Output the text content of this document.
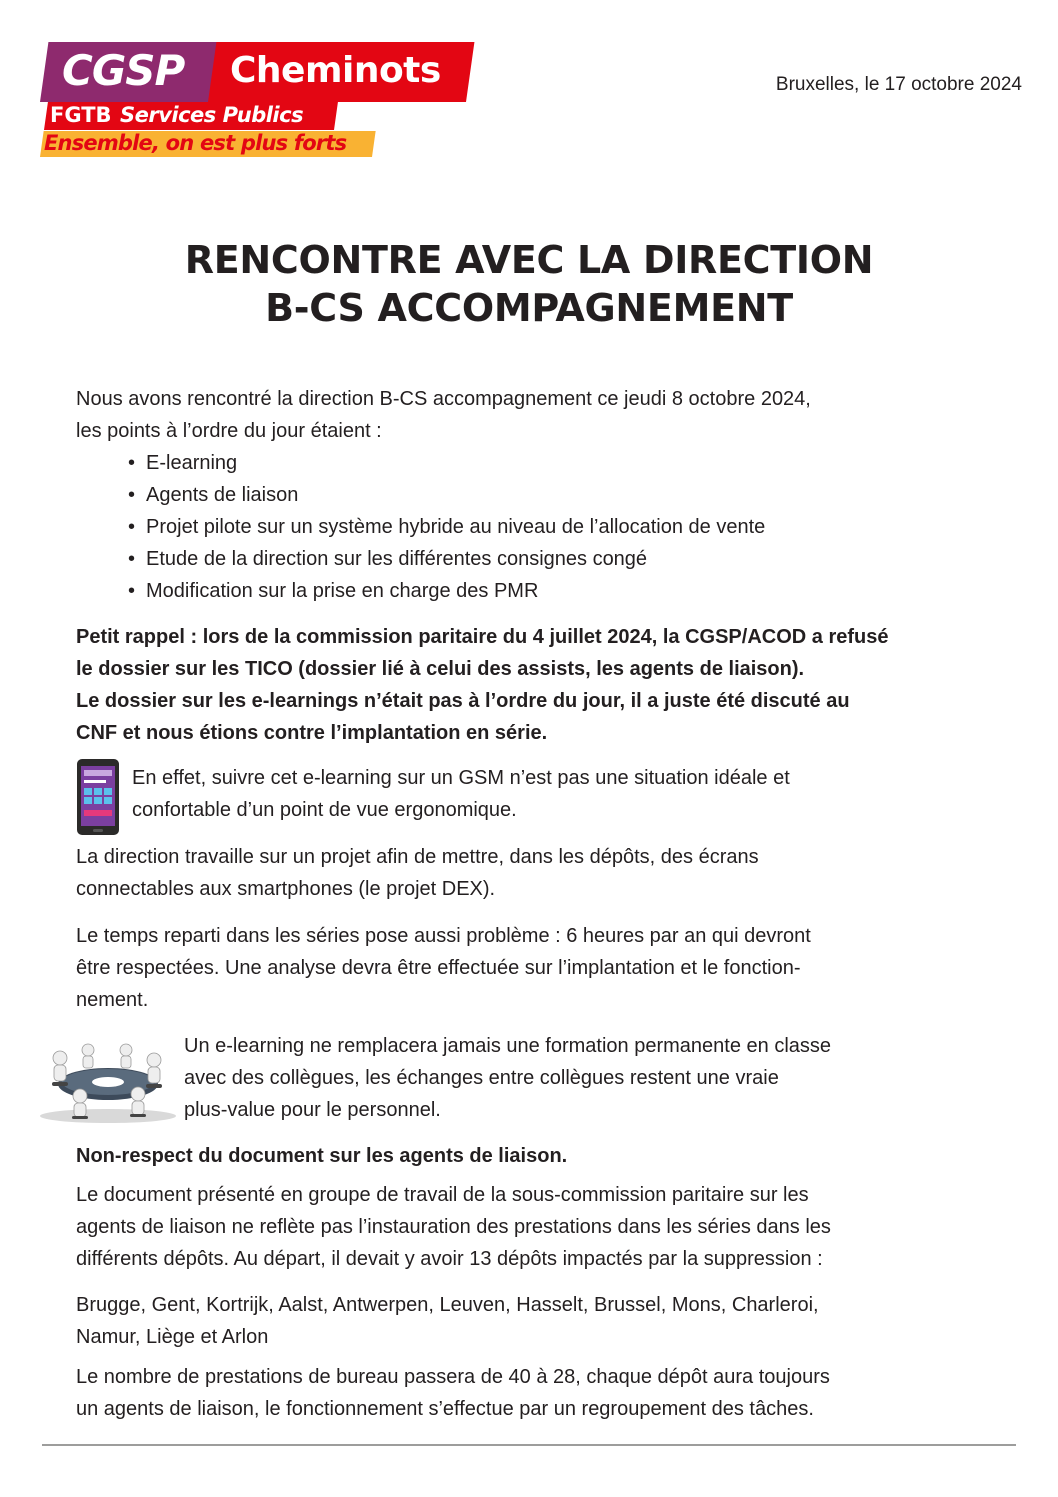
CGSP Cheminots
FGTB Services Publics
Ensemble, on est plus forts
Bruxelles, le 17 octobre 2024
RENCONTRE AVEC LA DIRECTION
B-CS ACCOMPAGNEMENT
Nous avons rencontré la direction B-CS accompagnement ce jeudi 8 octobre 2024,
les points à l’ordre du jour étaient :
• E-learning
• Agents de liaison
• Projet pilote sur un système hybride au niveau de l’allocation de vente
• Etude de la direction sur les différentes consignes congé
• Modification sur la prise en charge des PMR
Petit rappel : lors de la commission paritaire du 4 juillet 2024, la CGSP/ACOD a refusé
le dossier sur les TICO (dossier lié à celui des assists, les agents de liaison).
Le dossier sur les e-learnings n’était pas à l’ordre du jour, il a juste été discuté au
CNF et nous étions contre l’implantation en série.
En effet, suivre cet e-learning sur un GSM n’est pas une situation idéale et
confortable d’un point de vue ergonomique.
La direction travaille sur un projet afin de mettre, dans les dépôts, des écrans
connectables aux smartphones (le projet DEX).
Le temps reparti dans les séries pose aussi problème : 6 heures par an qui devront
être respectées. Une analyse devra être effectuée sur l’implantation et le fonction-
nement.
Un e-learning ne remplacera jamais une formation permanente en classe
avec des collègues, les échanges entre collègues restent une vraie
plus-value pour le personnel.
Non-respect du document sur les agents de liaison.
Le document présenté en groupe de travail de la sous-commission paritaire sur les
agents de liaison ne reflète pas l’instauration des prestations dans les séries dans les
différents dépôts. Au départ, il devait y avoir 13 dépôts impactés par la suppression :
Brugge, Gent, Kortrijk, Aalst, Antwerpen, Leuven, Hasselt, Brussel, Mons, Charleroi,
Namur, Liège et Arlon
Le nombre de prestations de bureau passera de 40 à 28, chaque dépôt aura toujours
un agents de liaison, le fonctionnement s’effectue par un regroupement des tâches.
